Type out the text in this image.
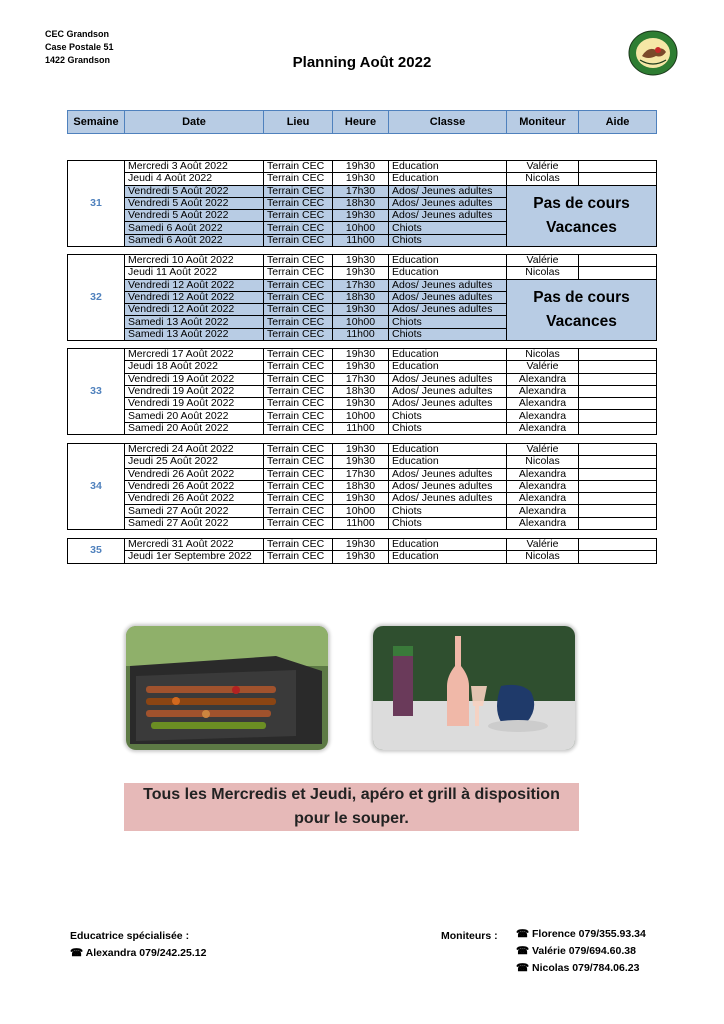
CEC Grandson
Case Postale 51
1422 Grandson	Planning Août 2022
Semaine	Date	Lieu	Heure	Classe	Moniteur	Aide
31	Mercredi 3 Août 2022	Terrain CEC	19h30	Education	Valérie	
	Jeudi 4 Août 2022	Terrain CEC	19h30	Education	Nicolas	
	Vendredi 5 Août 2022	Terrain CEC	17h30	Ados/ Jeunes adultes	Pas de cours Vacances	
	Vendredi 5 Août 2022	Terrain CEC	18h30	Ados/ Jeunes adultes		
	Vendredi 5 Août 2022	Terrain CEC	19h30	Ados/ Jeunes adultes		
	Samedi 6 Août 2022	Terrain CEC	10h00	Chiots		
	Samedi 6 Août 2022	Terrain CEC	11h00	Chiots		
32	Mercredi 10 Août 2022	Terrain CEC	19h30	Education	Valérie	
	Jeudi 11 Août 2022	Terrain CEC	19h30	Education	Nicolas	
	Vendredi 12 Août 2022	Terrain CEC	17h30	Ados/ Jeunes adultes	Pas de cours Vacances	
	Vendredi 12 Août 2022	Terrain CEC	18h30	Ados/ Jeunes adultes		
	Vendredi 12 Août 2022	Terrain CEC	19h30	Ados/ Jeunes adultes		
	Samedi 13 Août 2022	Terrain CEC	10h00	Chiots		
	Samedi 13 Août 2022	Terrain CEC	11h00	Chiots		
33	Mercredi 17 Août 2022	Terrain CEC	19h30	Education	Nicolas	
	Jeudi 18 Août 2022	Terrain CEC	19h30	Education	Valérie	
	Vendredi 19 Août 2022	Terrain CEC	17h30	Ados/ Jeunes adultes	Alexandra	
	Vendredi 19 Août 2022	Terrain CEC	18h30	Ados/ Jeunes adultes	Alexandra	
	Vendredi 19 Août 2022	Terrain CEC	19h30	Ados/ Jeunes adultes	Alexandra	
	Samedi 20 Août 2022	Terrain CEC	10h00	Chiots	Alexandra	
	Samedi 20 Août 2022	Terrain CEC	11h00	Chiots	Alexandra	
34	Mercredi 24 Août 2022	Terrain CEC	19h30	Education	Valérie	
	Jeudi 25 Août 2022	Terrain CEC	19h30	Education	Nicolas	
	Vendredi 26 Août 2022	Terrain CEC	17h30	Ados/ Jeunes adultes	Alexandra	
	Vendredi 26 Août 2022	Terrain CEC	18h30	Ados/ Jeunes adultes	Alexandra	
	Vendredi 26 Août 2022	Terrain CEC	19h30	Ados/ Jeunes adultes	Alexandra	
	Samedi 27 Août 2022	Terrain CEC	10h00	Chiots	Alexandra	
	Samedi 27 Août 2022	Terrain CEC	11h00	Chiots	Alexandra	
35	Mercredi 31 Août 2022	Terrain CEC	19h30	Education	Valérie	
	Jeudi 1er Septembre 2022	Terrain CEC	19h30	Education	Nicolas	
Tous les Mercredis et Jeudi, apéro et grill à disposition pour le souper.
Educatrice spécialisée :
☎ Alexandra 079/242.25.12
Moniteurs : ☎ Florence 079/355.93.34
☎ Valérie 079/694.60.38
☎ Nicolas 079/784.06.23
